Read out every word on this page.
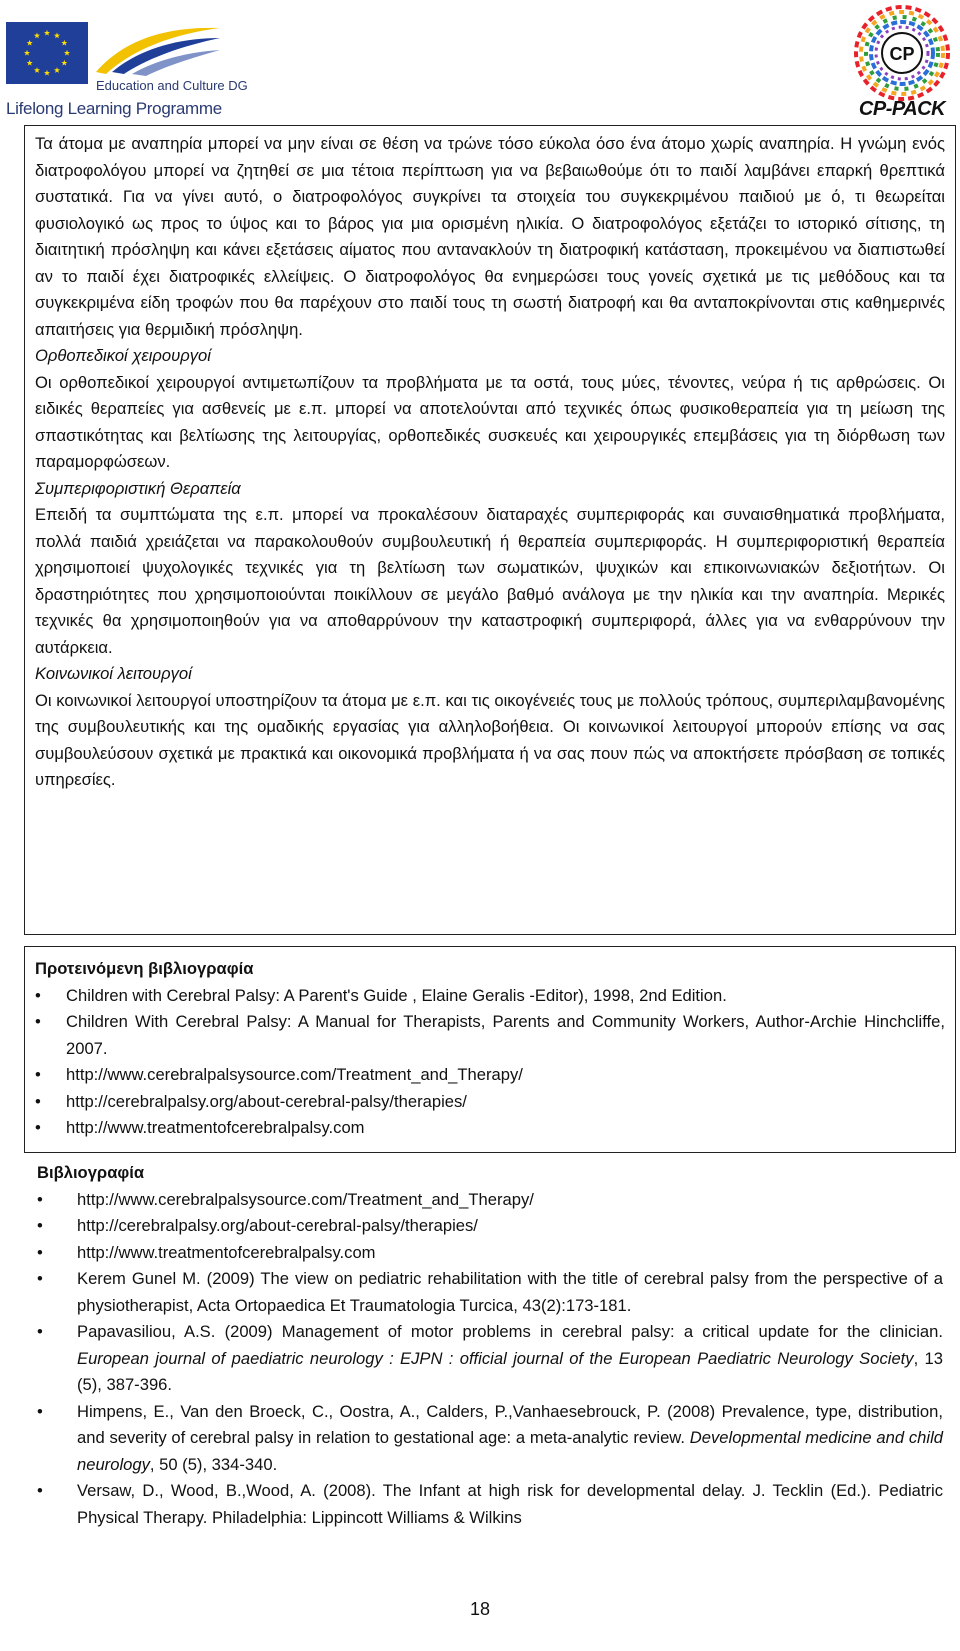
Education and Culture DG
Lifelong Learning Programme
CP
CP-PACK

Τα άτομα με αναπηρία μπορεί να μην είναι σε θέση να τρώνε τόσο εύκολα όσο ένα άτομο χωρίς αναπηρία. Η γνώμη ενός διατροφολόγου μπορεί να ζητηθεί σε μια τέτοια περίπτωση για να βεβαιωθούμε ότι το παιδί λαμβάνει επαρκή θρεπτικά συστατικά. Για να γίνει αυτό, ο διατροφολόγος συγκρίνει τα στοιχεία του συγκεκριμένου παιδιού με ό, τι θεωρείται φυσιολογικό ως προς το ύψος και το βάρος για μια ορισμένη ηλικία. Ο διατροφολόγος εξετάζει το ιστορικό σίτισης, τη διαιτητική πρόσληψη και κάνει εξετάσεις αίματος που αντανακλούν τη διατροφική κατάσταση, προκειμένου να διαπιστωθεί αν το παιδί έχει διατροφικές ελλείψεις. Ο διατροφολόγος θα ενημερώσει τους γονείς σχετικά με τις μεθόδους και τα συγκεκριμένα είδη τροφών που θα παρέχουν στο παιδί τους τη σωστή διατροφή και θα ανταποκρίνονται στις καθημερινές απαιτήσεις για θερμιδική πρόσληψη.

Ορθοπεδικοί χειρουργοί

Οι ορθοπεδικοί χειρουργοί αντιμετωπίζουν τα προβλήματα με τα οστά, τους μύες, τένοντες, νεύρα ή τις αρθρώσεις. Οι ειδικές θεραπείες για ασθενείς με ε.π. μπορεί να αποτελούνται από τεχνικές όπως φυσικοθεραπεία για τη μείωση της σπαστικότητας και βελτίωσης της λειτουργίας, ορθοπεδικές συσκευές και χειρουργικές επεμβάσεις για τη διόρθωση των παραμορφώσεων.

Συμπεριφοριστική Θεραπεία

Επειδή τα συμπτώματα της ε.π. μπορεί να προκαλέσουν διαταραχές συμπεριφοράς και συναισθηματικά προβλήματα, πολλά παιδιά χρειάζεται να παρακολουθούν συμβουλευτική ή θεραπεία συμπεριφοράς. Η συμπεριφοριστική θεραπεία χρησιμοποιεί ψυχολογικές τεχνικές για τη βελτίωση των σωματικών, ψυχικών και επικοινωνιακών δεξιοτήτων. Οι δραστηριότητες που χρησιμοποιούνται ποικίλλουν σε μεγάλο βαθμό ανάλογα με την ηλικία και την αναπηρία. Μερικές τεχνικές θα χρησιμοποιηθούν για να αποθαρρύνουν την καταστροφική συμπεριφορά, άλλες για να ενθαρρύνουν την αυτάρκεια.

Κοινωνικοί λειτουργοί

Οι κοινωνικοί λειτουργοί υποστηρίζουν τα άτομα με ε.π. και τις οικογένειές τους με πολλούς τρόπους, συμπεριλαμβανομένης της συμβουλευτικής και της ομαδικής εργασίας για αλληλοβοήθεια. Οι κοινωνικοί λειτουργοί μπορούν επίσης να σας συμβουλεύσουν σχετικά με πρακτικά και οικονομικά προβλήματα ή να σας πουν πώς να αποκτήσετε πρόσβαση σε τοπικές υπηρεσίες.

Προτεινόμενη βιβλιογραφία
•	Children with Cerebral Palsy: A Parent's Guide , Elaine Geralis -Editor), 1998, 2nd Edition.
•	Children With Cerebral Palsy: A Manual for Therapists, Parents and Community Workers, Author-Archie Hinchcliffe, 2007.
•	http://www.cerebralpalsysource.com/Treatment_and_Therapy/
•	http://cerebralpalsy.org/about-cerebral-palsy/therapies/
•	http://www.treatmentofcerebralpalsy.com
Βιβλιογραφία
•	http://www.cerebralpalsysource.com/Treatment_and_Therapy/
•	http://cerebralpalsy.org/about-cerebral-palsy/therapies/
•	http://www.treatmentofcerebralpalsy.com
•	Kerem Gunel M. (2009) The view on pediatric rehabilitation with the title of cerebral palsy from the perspective of a physiotherapist, Acta Ortopaedica Et Traumatologia Turcica, 43(2):173-181.
•	Papavasiliou, A.S. (2009) Management of motor problems in cerebral palsy: a critical update for the clinician. European journal of paediatric neurology : EJPN : official journal of the European Paediatric Neurology Society, 13 (5), 387-396.
•	Himpens, E., Van den Broeck, C., Oostra, A., Calders, P.,Vanhaesebrouck, P. (2008) Prevalence, type, distribution, and severity of cerebral palsy in relation to gestational age: a meta-analytic review. Developmental medicine and child neurology, 50 (5), 334-340.
•	Versaw, D., Wood, B.,Wood, A. (2008). The Infant at high risk for developmental delay. J. Tecklin (Ed.). Pediatric Physical Therapy. Philadelphia: Lippincott Williams & Wilkins
18
